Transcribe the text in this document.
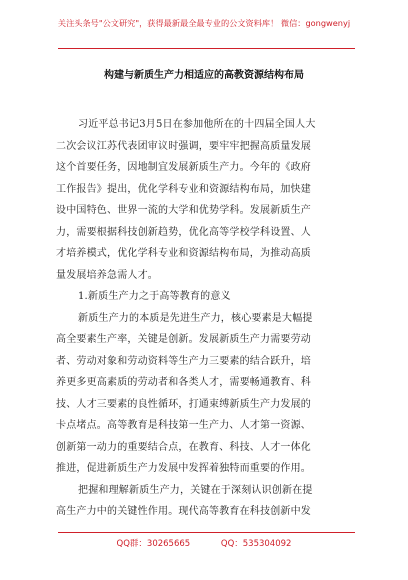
关注头条号"公文研究"，获得最新最全最专业的公文资料库！ 微信：gongwenyj
构建与新质生产力相适应的高教资源结构布局
习近平总书记3月5日在参加他所在的十四届全国人大
二次会议江苏代表团审议时强调，要牢牢把握高质量发展
这个首要任务，因地制宜发展新质生产力。今年的《政府
工作报告》提出，优化学科专业和资源结构布局，加快建
设中国特色、世界一流的大学和优势学科。发展新质生产
力，需要根据科技创新趋势，优化高等学校学科设置、人
才培养模式，优化学科专业和资源结构布局，为推动高质
量发展培养急需人才。
1.新质生产力之于高等教育的意义
新质生产力的本质是先进生产力，核心要素是大幅提
高全要素生产率，关键是创新。发展新质生产力需要劳动
者、劳动对象和劳动资料等生产力三要素的结合跃升，培
养更多更高素质的劳动者和各类人才，需要畅通教育、科
技、人才三要素的良性循环，打通束缚新质生产力发展的
卡点堵点。高等教育是科技第一生产力、人才第一资源、
创新第一动力的重要结合点，在教育、科技、人才一体化
推进，促进新质生产力发展中发挥着独特而重要的作用。
把握和理解新质生产力，关键在于深刻认识创新在提
高生产力中的关键性作用。现代高等教育在科技创新中发
QQ群：30265665	QQ：535304092
